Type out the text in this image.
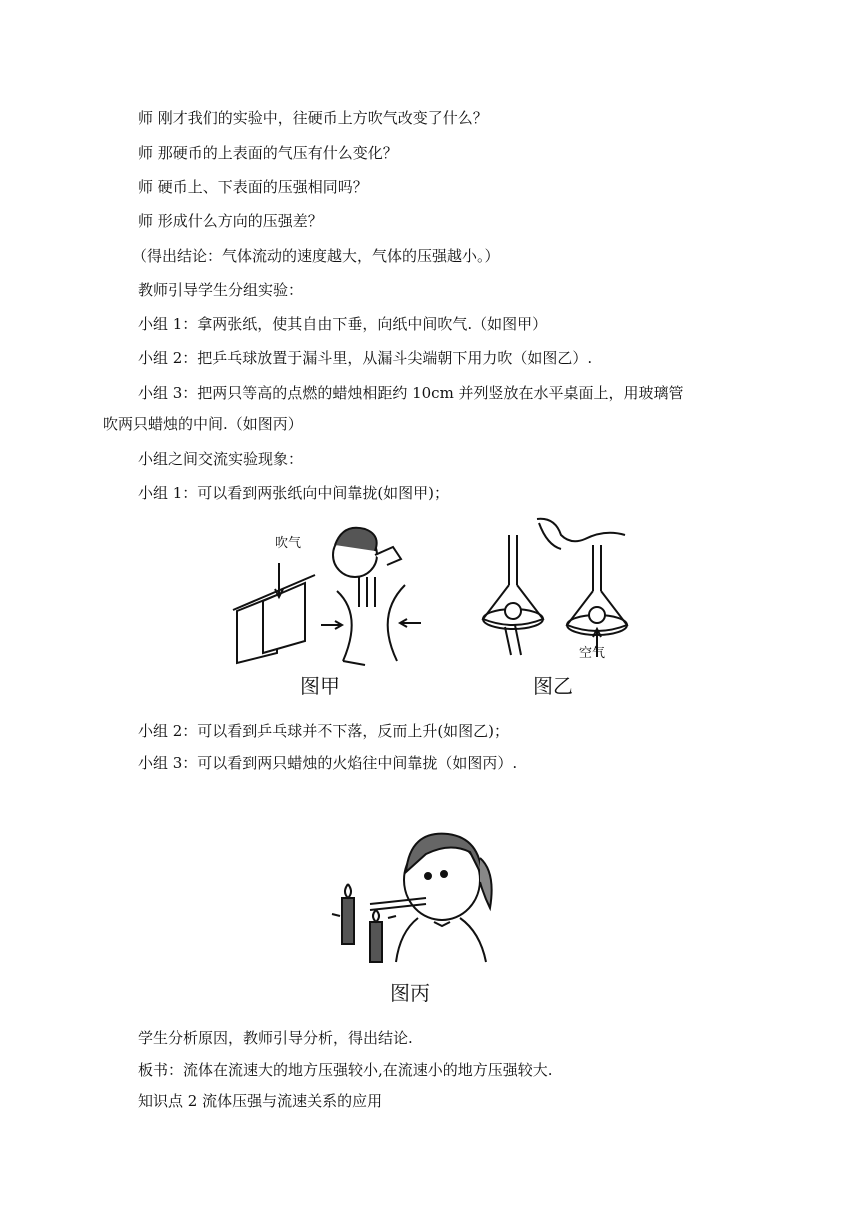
师 刚才我们的实验中，往硬币上方吹气改变了什么？
师 那硬币的上表面的气压有什么变化？
师 硬币上、下表面的压强相同吗？
师 形成什么方向的压强差？
（得出结论：气体流动的速度越大，气体的压强越小。）
教师引导学生分组实验：
小组 1：拿两张纸，使其自由下垂，向纸中间吹气.（如图甲）
小组 2：把乒乓球放置于漏斗里，从漏斗尖端朝下用力吹（如图乙）.
小组 3：把两只等高的点燃的蜡烛相距约 10cm 并列竖放在水平桌面上，用玻璃管
吹两只蜡烛的中间.（如图丙）
小组之间交流实验现象：
小组 1：可以看到两张纸向中间靠拢(如图甲)；
吹气
图甲
空气
图乙
小组 2：可以看到乒乓球并不下落，反而上升(如图乙)；
小组 3：可以看到两只蜡烛的火焰往中间靠拢（如图丙）.
图丙
学生分析原因，教师引导分析，得出结论.
板书：流体在流速大的地方压强较小,在流速小的地方压强较大.
知识点 2 流体压强与流速关系的应用
